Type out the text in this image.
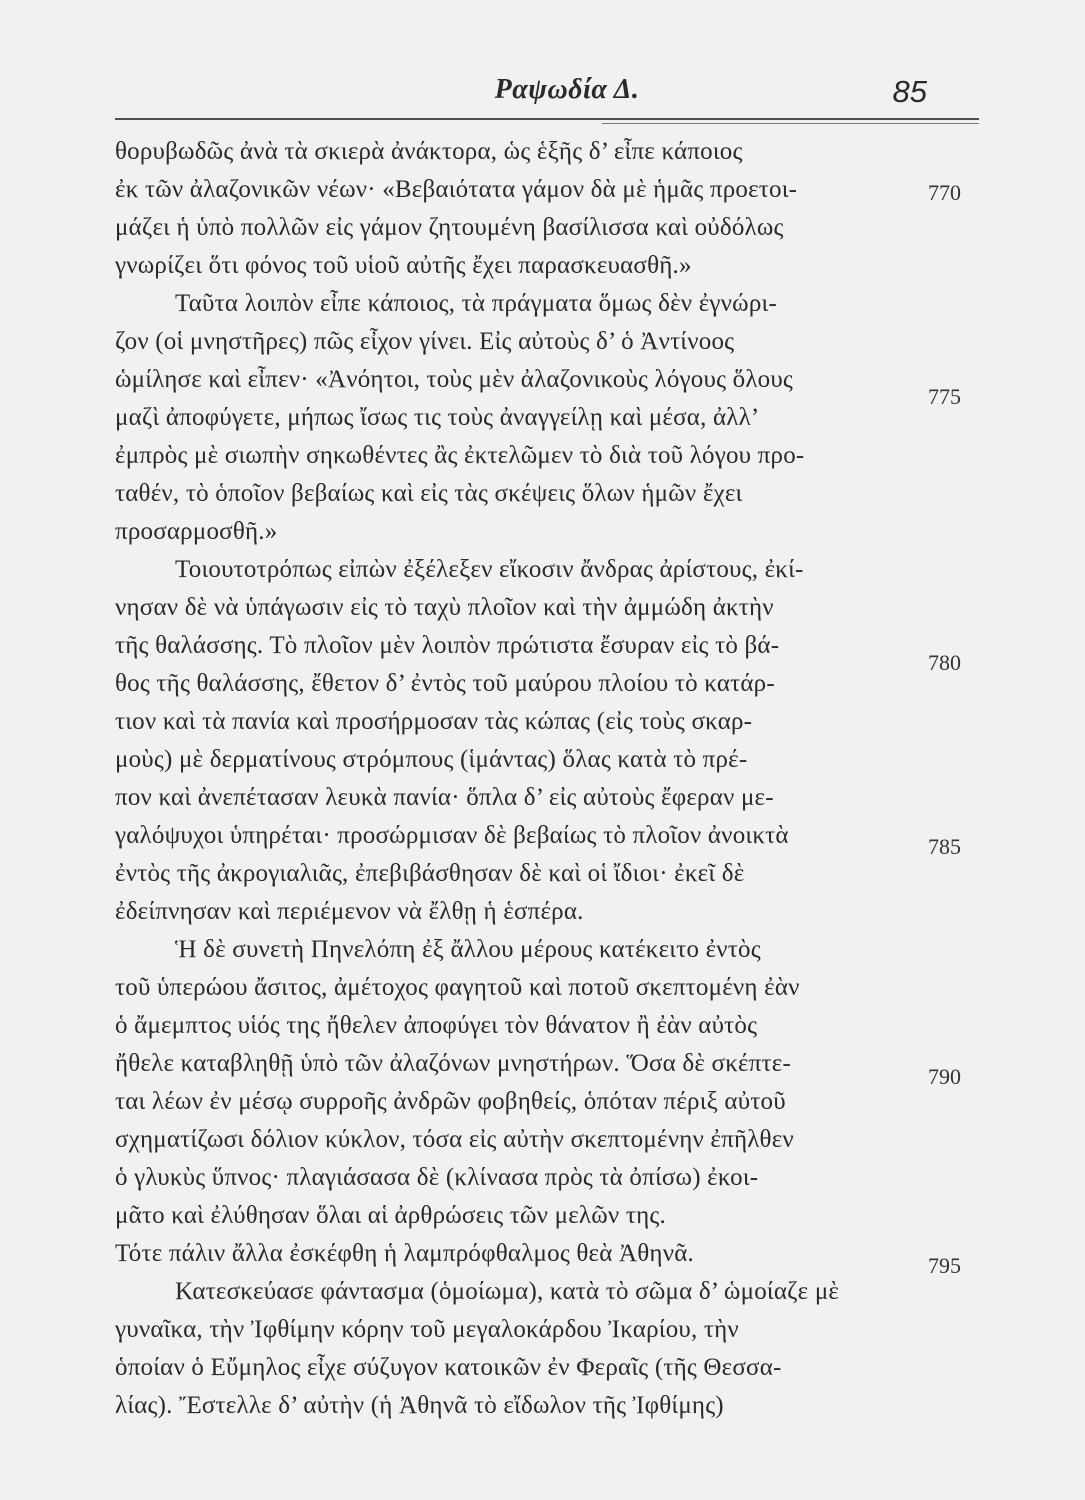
Ραψωδία Δ.	85
θορυβωδῶς ἀνὰ τὰ σκιερὰ ἀνάκτορα, ὡς ἑξῆς δ’ εἶπε κάποιος
ἐκ τῶν ἀλαζονικῶν νέων· «Βεβαιότατα γάμον δὰ μὲ ἡμᾶς προετοι-
μάζει ἡ ὑπὸ πολλῶν εἰς γάμον ζητουμένη βασίλισσα καὶ οὐδόλως
γνωρίζει ὅτι φόνος τοῦ υἱοῦ αὐτῆς ἔχει παρασκευασθῆ.»
Ταῦτα λοιπὸν εἶπε κάποιος, τὰ πράγματα ὅμως δὲν ἐγνώρι-
ζον (οἱ μνηστῆρες) πῶς εἶχον γίνει. Εἰς αὐτοὺς δ’ ὁ Ἀντίνοος
ὡμίλησε καὶ εἶπεν· «Ἀνόητοι, τοὺς μὲν ἀλαζονικοὺς λόγους ὅλους
μαζὶ ἀποφύγετε, μήπως ἴσως τις τοὺς ἀναγγείλῃ καὶ μέσα, ἀλλ’
ἐμπρὸς μὲ σιωπὴν σηκωθέντες ἂς ἐκτελῶμεν τὸ διὰ τοῦ λόγου προ-
ταθέν, τὸ ὁποῖον βεβαίως καὶ εἰς τὰς σκέψεις ὅλων ἡμῶν ἔχει
προσαρμοσθῆ.»
Τοιουτοτρόπως εἰπὼν ἐξέλεξεν εἴκοσιν ἄνδρας ἀρίστους, ἐκί-
νησαν δὲ νὰ ὑπάγωσιν εἰς τὸ ταχὺ πλοῖον καὶ τὴν ἀμμώδη ἀκτὴν
τῆς θαλάσσης. Τὸ πλοῖον μὲν λοιπὸν πρώτιστα ἔσυραν εἰς τὸ βά-
θος τῆς θαλάσσης, ἔθετον δ’ ἐντὸς τοῦ μαύρου πλοίου τὸ κατάρ-
τιον καὶ τὰ πανία καὶ προσήρμοσαν τὰς κώπας (εἰς τοὺς σκαρ-
μοὺς) μὲ δερματίνους στρόμπους (ἱμάντας) ὅλας κατὰ τὸ πρέ-
πον καὶ ἀνεπέτασαν λευκὰ πανία· ὅπλα δ’ εἰς αὐτοὺς ἔφεραν με-
γαλόψυχοι ὑπηρέται· προσώρμισαν δὲ βεβαίως τὸ πλοῖον ἀνοικτὰ
ἐντὸς τῆς ἀκρογιαλιᾶς, ἐπεβιβάσθησαν δὲ καὶ οἱ ἴδιοι· ἐκεῖ δὲ
ἐδείπνησαν καὶ περιέμενον νὰ ἔλθῃ ἡ ἑσπέρα.
Ἡ δὲ συνετὴ Πηνελόπη ἐξ ἄλλου μέρους κατέκειτο ἐντὸς
τοῦ ὑπερώου ἄσιτος, ἀμέτοχος φαγητοῦ καὶ ποτοῦ σκεπτομένη ἐὰν
ὁ ἄμεμπτος υἱός της ἤθελεν ἀποφύγει τὸν θάνατον ἢ ἐὰν αὐτὸς
ἤθελε καταβληθῇ ὑπὸ τῶν ἀλαζόνων μνηστήρων. Ὅσα δὲ σκέπτε-
ται λέων ἐν μέσῳ συρροῆς ἀνδρῶν φοβηθείς, ὁπόταν πέριξ αὐτοῦ
σχηματίζωσι δόλιον κύκλον, τόσα εἰς αὐτὴν σκεπτομένην ἐπῆλθεν
ὁ γλυκὺς ὕπνος· πλαγιάσασα δὲ (κλίνασα πρὸς τὰ ὀπίσω) ἐκοι-
μᾶτο καὶ ἐλύθησαν ὅλαι αἱ ἀρθρώσεις τῶν μελῶν της.
Τότε πάλιν ἄλλα ἐσκέφθη ἡ λαμπρόφθαλμος θεὰ Ἀθηνᾶ.
Κατεσκεύασε φάντασμα (ὁμοίωμα), κατὰ τὸ σῶμα δ’ ὡμοίαζε μὲ
γυναῖκα, τὴν Ἰφθίμην κόρην τοῦ μεγαλοκάρδου Ἰκαρίου, τὴν
ὁποίαν ὁ Εὔμηλος εἶχε σύζυγον κατοικῶν ἐν Φεραῖς (τῆς Θεσσα-
λίας). Ἔστελλε δ’ αὐτὴν (ἡ Ἀθηνᾶ τὸ εἴδωλον τῆς Ἰφθίμης)
770
775
780
785
790
795
